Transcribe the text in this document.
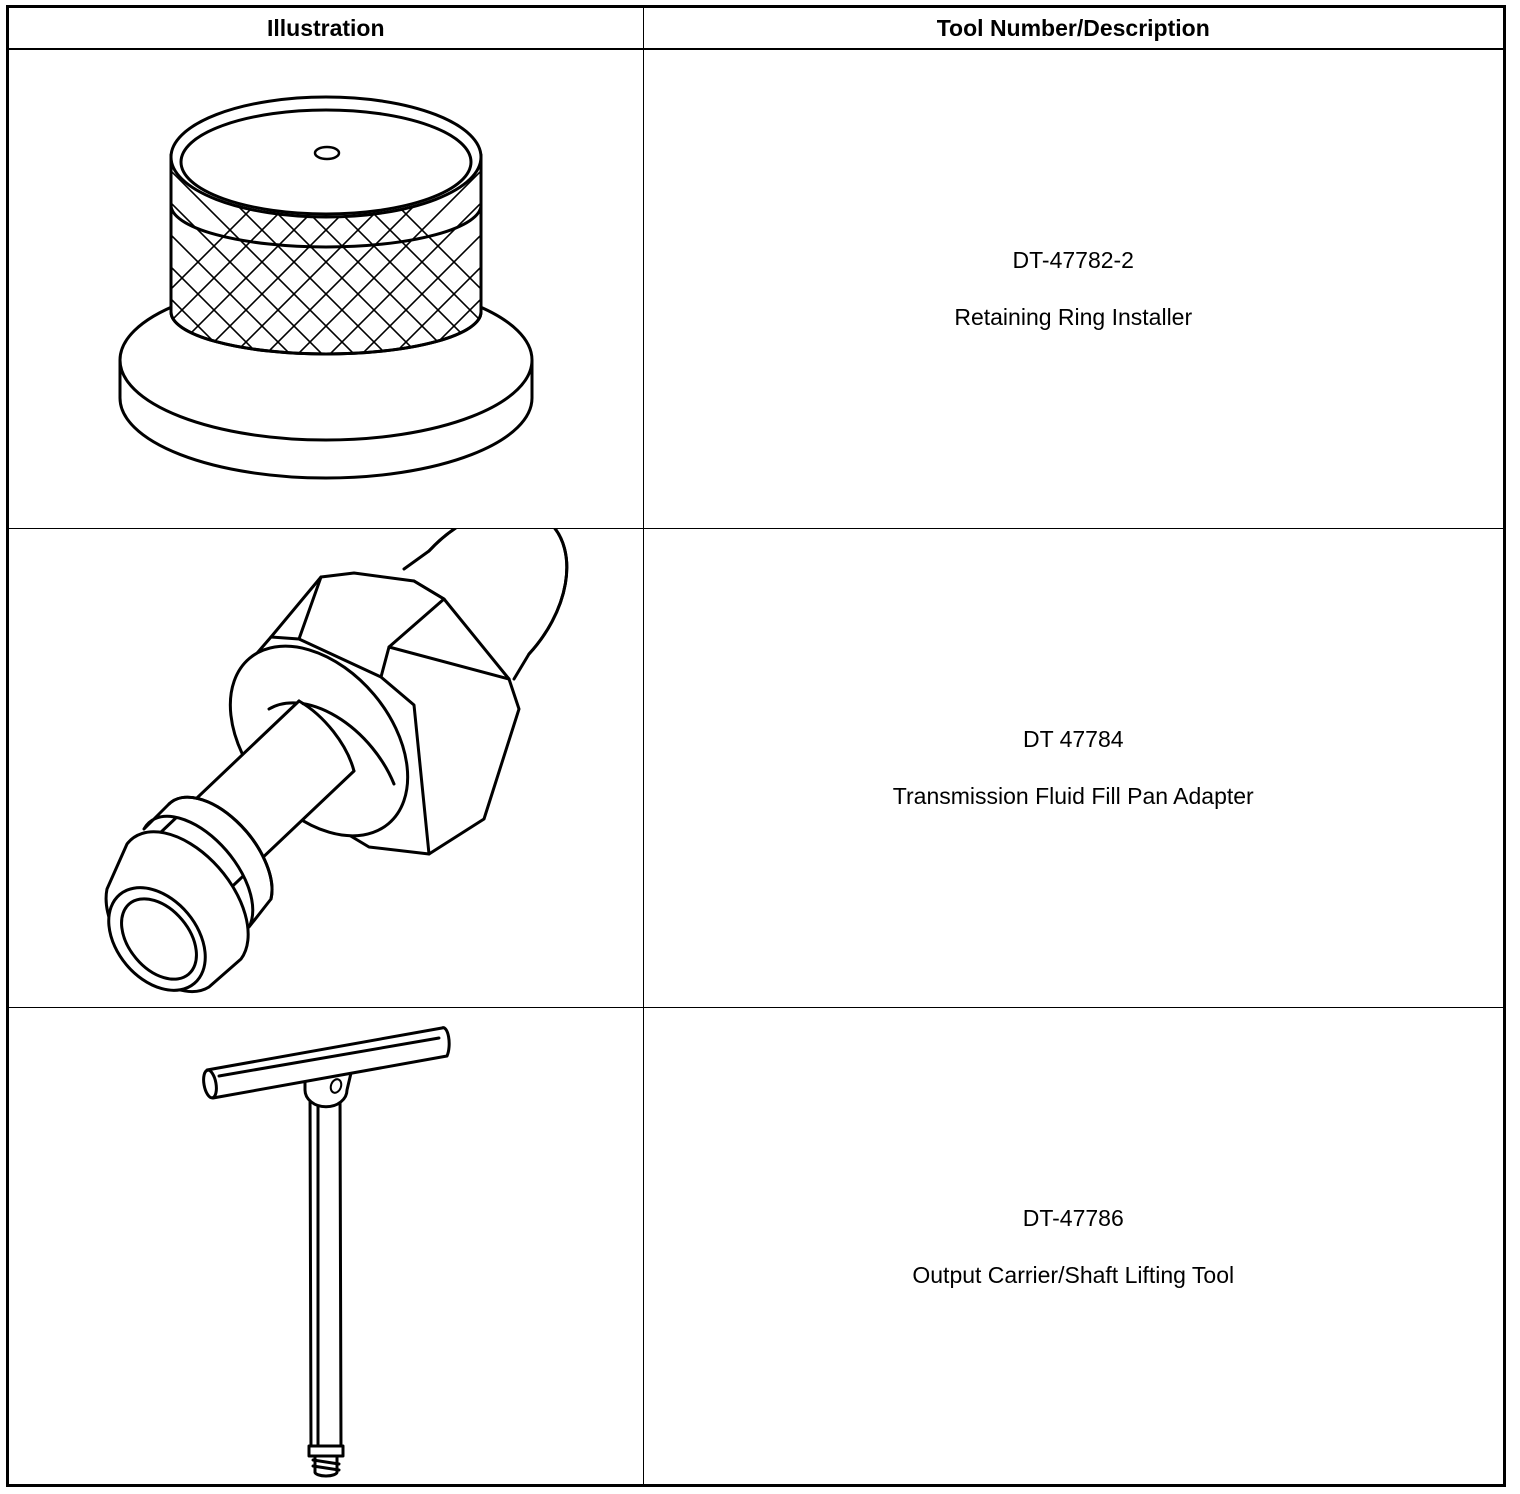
Illustration	Tool Number/Description

DT-47782-2
Retaining Ring Installer

DT 47784
Transmission Fluid Fill Pan Adapter

DT-47786
Output Carrier/Shaft Lifting Tool
